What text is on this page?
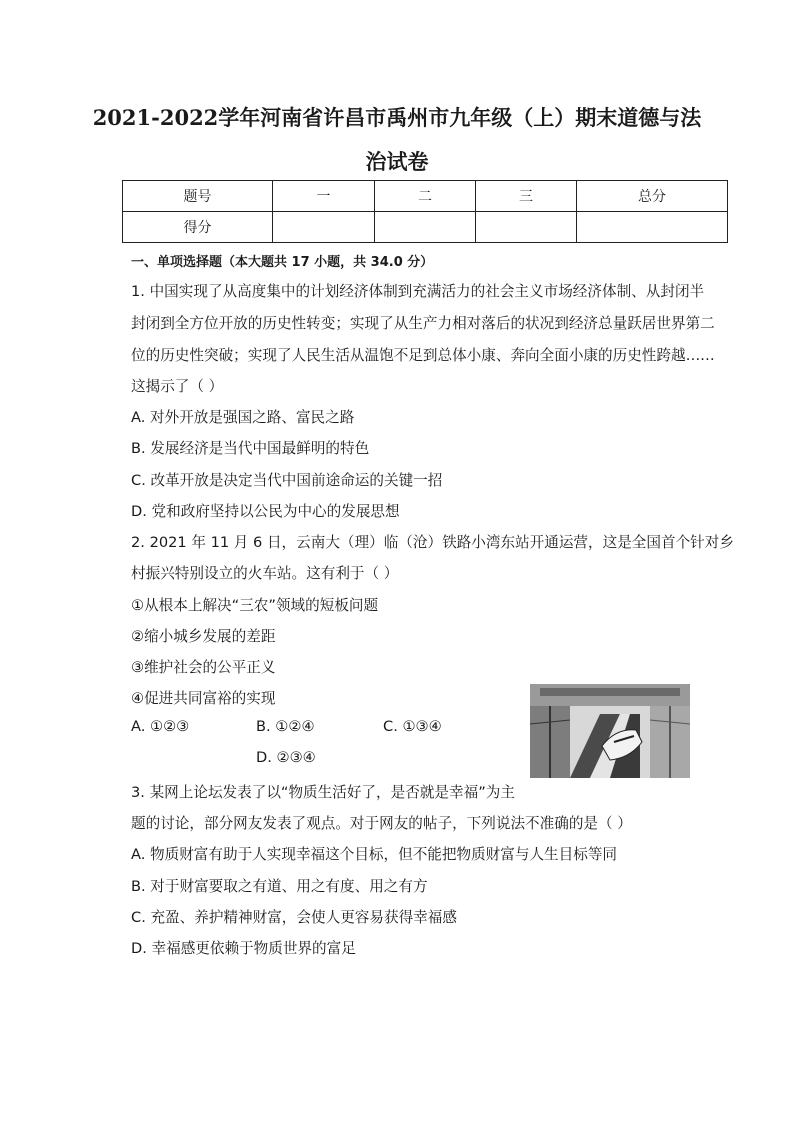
2021-2022学年河南省许昌市禹州市九年级（上）期末道德与法
治试卷
题号	一	二	三	总分
得分				
一、单项选择题（本大题共 17 小题，共 34.0 分）
1. 中国实现了从高度集中的计划经济体制到充满活力的社会主义市场经济体制、从封闭半
封闭到全方位开放的历史性转变；实现了从生产力相对落后的状况到经济总量跃居世界第二
位的历史性突破；实现了人民生活从温饱不足到总体小康、奔向全面小康的历史性跨越……
这揭示了（ ）
A. 对外开放是强国之路、富民之路
B. 发展经济是当代中国最鲜明的特色
C. 改革开放是决定当代中国前途命运的关键一招
D. 党和政府坚持以公民为中心的发展思想
2. 2021 年 11 月 6 日，云南大（理）临（沧）铁路小湾东站开通运营，这是全国首个针对乡
村振兴特别设立的火车站。这有利于（ ）
①从根本上解决“三农”领域的短板问题
②缩小城乡发展的差距
③维护社会的公平正义
④促进共同富裕的实现
A. ①②③	B. ①②④	C. ①③④
D. ②③④
3. 某网上论坛发表了以“物质生活好了，是否就是幸福”为主
题的讨论，部分网友发表了观点。对于网友的帖子，下列说法不准确的是（ ）
A. 物质财富有助于人实现幸福这个目标，但不能把物质财富与人生目标等同
B. 对于财富要取之有道、用之有度、用之有方
C. 充盈、养护精神财富，会使人更容易获得幸福感
D. 幸福感更依赖于物质世界的富足
